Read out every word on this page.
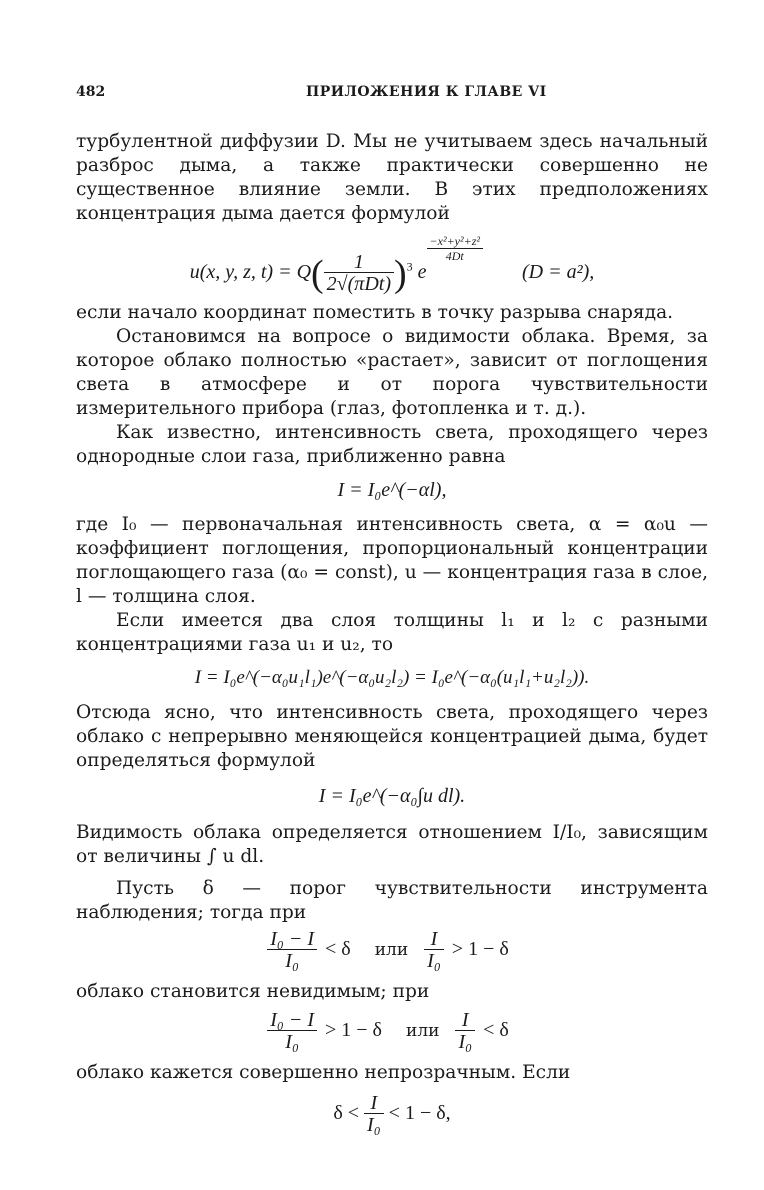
482	ПРИЛОЖЕНИЯ К ГЛАВЕ VI

турбулентной диффузии D. Мы не учитываем здесь начальный разброс дыма, а также практически совершенно не существенное влияние земли. В этих предположениях концентрация дыма дается формулой

u(x, y, z, $t) = Q( \frac{1}{\text{2√(πDt)}} )^3$ e
$\frac{\text{−x²+y²+z²}}{4Dt}$
(D = a²),

если начало координат поместить в точку разрыва снаряда.

Остановимся на вопросе о видимости облака. Время, за которое облако полностью «растает», зависит от поглощения света в атмосфере и от порога чувствительности измерительного прибора (глаз, фотопленка и т. д.).

Как известно, интенсивность света, проходящего через однородные слои газа, приближенно равна

I = I₀e^(−αl),

где I₀ — первоначальная интенсивность света, α = α₀u — коэффициент поглощения, пропорциональный концентрации поглощающего газа (α₀ = const), u — концентрация газа в слое, l — толщина слоя.

Если имеется два слоя толщины l₁ и l₂ с разными концентрациями газа u₁ и u₂, то

I = I₀e^(−α₀u₁l₁)e^(−α₀u₂l₂) = I₀e^(−α₀(u₁l₁+u₂l₂)).

Отсюда ясно, что интенсивность света, проходящего через облако с непрерывно меняющейся концентрацией дыма, будет определяться формулой

I = I₀e^(−α₀∫u dl).

Видимость облака определяется отношением I/I₀, зависящим от величины ∫ u dl.

Пусть δ — порог чувствительности инструмента наблюдения; тогда при

$\frac{\text{I₀ − I}}{\text{I₀}} < \delta$ или $\frac{I}{\text{I₀}} > 1 - \delta$

облако становится невидимым; при

$\frac{\text{I₀ − I}}{\text{I₀}} > 1 - \delta$ или $\frac{I}{\text{I₀}} < \delta$

облако кажется совершенно непрозрачным. Если

$\delta < \frac{I}{\text{I₀}} < 1 - \delta$,
